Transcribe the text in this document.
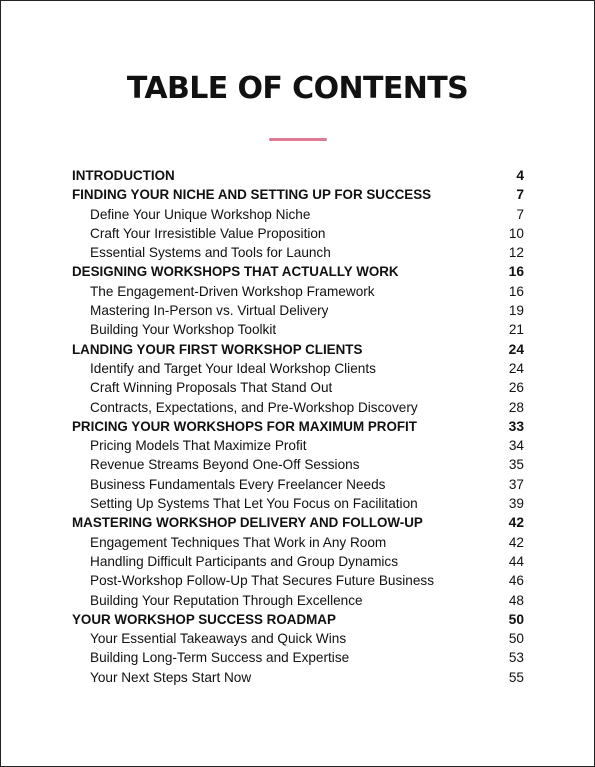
TABLE OF CONTENTS
INTRODUCTION	4
FINDING YOUR NICHE AND SETTING UP FOR SUCCESS	7
Define Your Unique Workshop Niche	7
Craft Your Irresistible Value Proposition	10
Essential Systems and Tools for Launch	12
DESIGNING WORKSHOPS THAT ACTUALLY WORK	16
The Engagement-Driven Workshop Framework	16
Mastering In-Person vs. Virtual Delivery	19
Building Your Workshop Toolkit	21
LANDING YOUR FIRST WORKSHOP CLIENTS	24
Identify and Target Your Ideal Workshop Clients	24
Craft Winning Proposals That Stand Out	26
Contracts, Expectations, and Pre-Workshop Discovery	28
PRICING YOUR WORKSHOPS FOR MAXIMUM PROFIT	33
Pricing Models That Maximize Profit	34
Revenue Streams Beyond One-Off Sessions	35
Business Fundamentals Every Freelancer Needs	37
Setting Up Systems That Let You Focus on Facilitation	39
MASTERING WORKSHOP DELIVERY AND FOLLOW-UP	42
Engagement Techniques That Work in Any Room	42
Handling Difficult Participants and Group Dynamics	44
Post-Workshop Follow-Up That Secures Future Business	46
Building Your Reputation Through Excellence	48
YOUR WORKSHOP SUCCESS ROADMAP	50
Your Essential Takeaways and Quick Wins	50
Building Long-Term Success and Expertise	53
Your Next Steps Start Now	55
